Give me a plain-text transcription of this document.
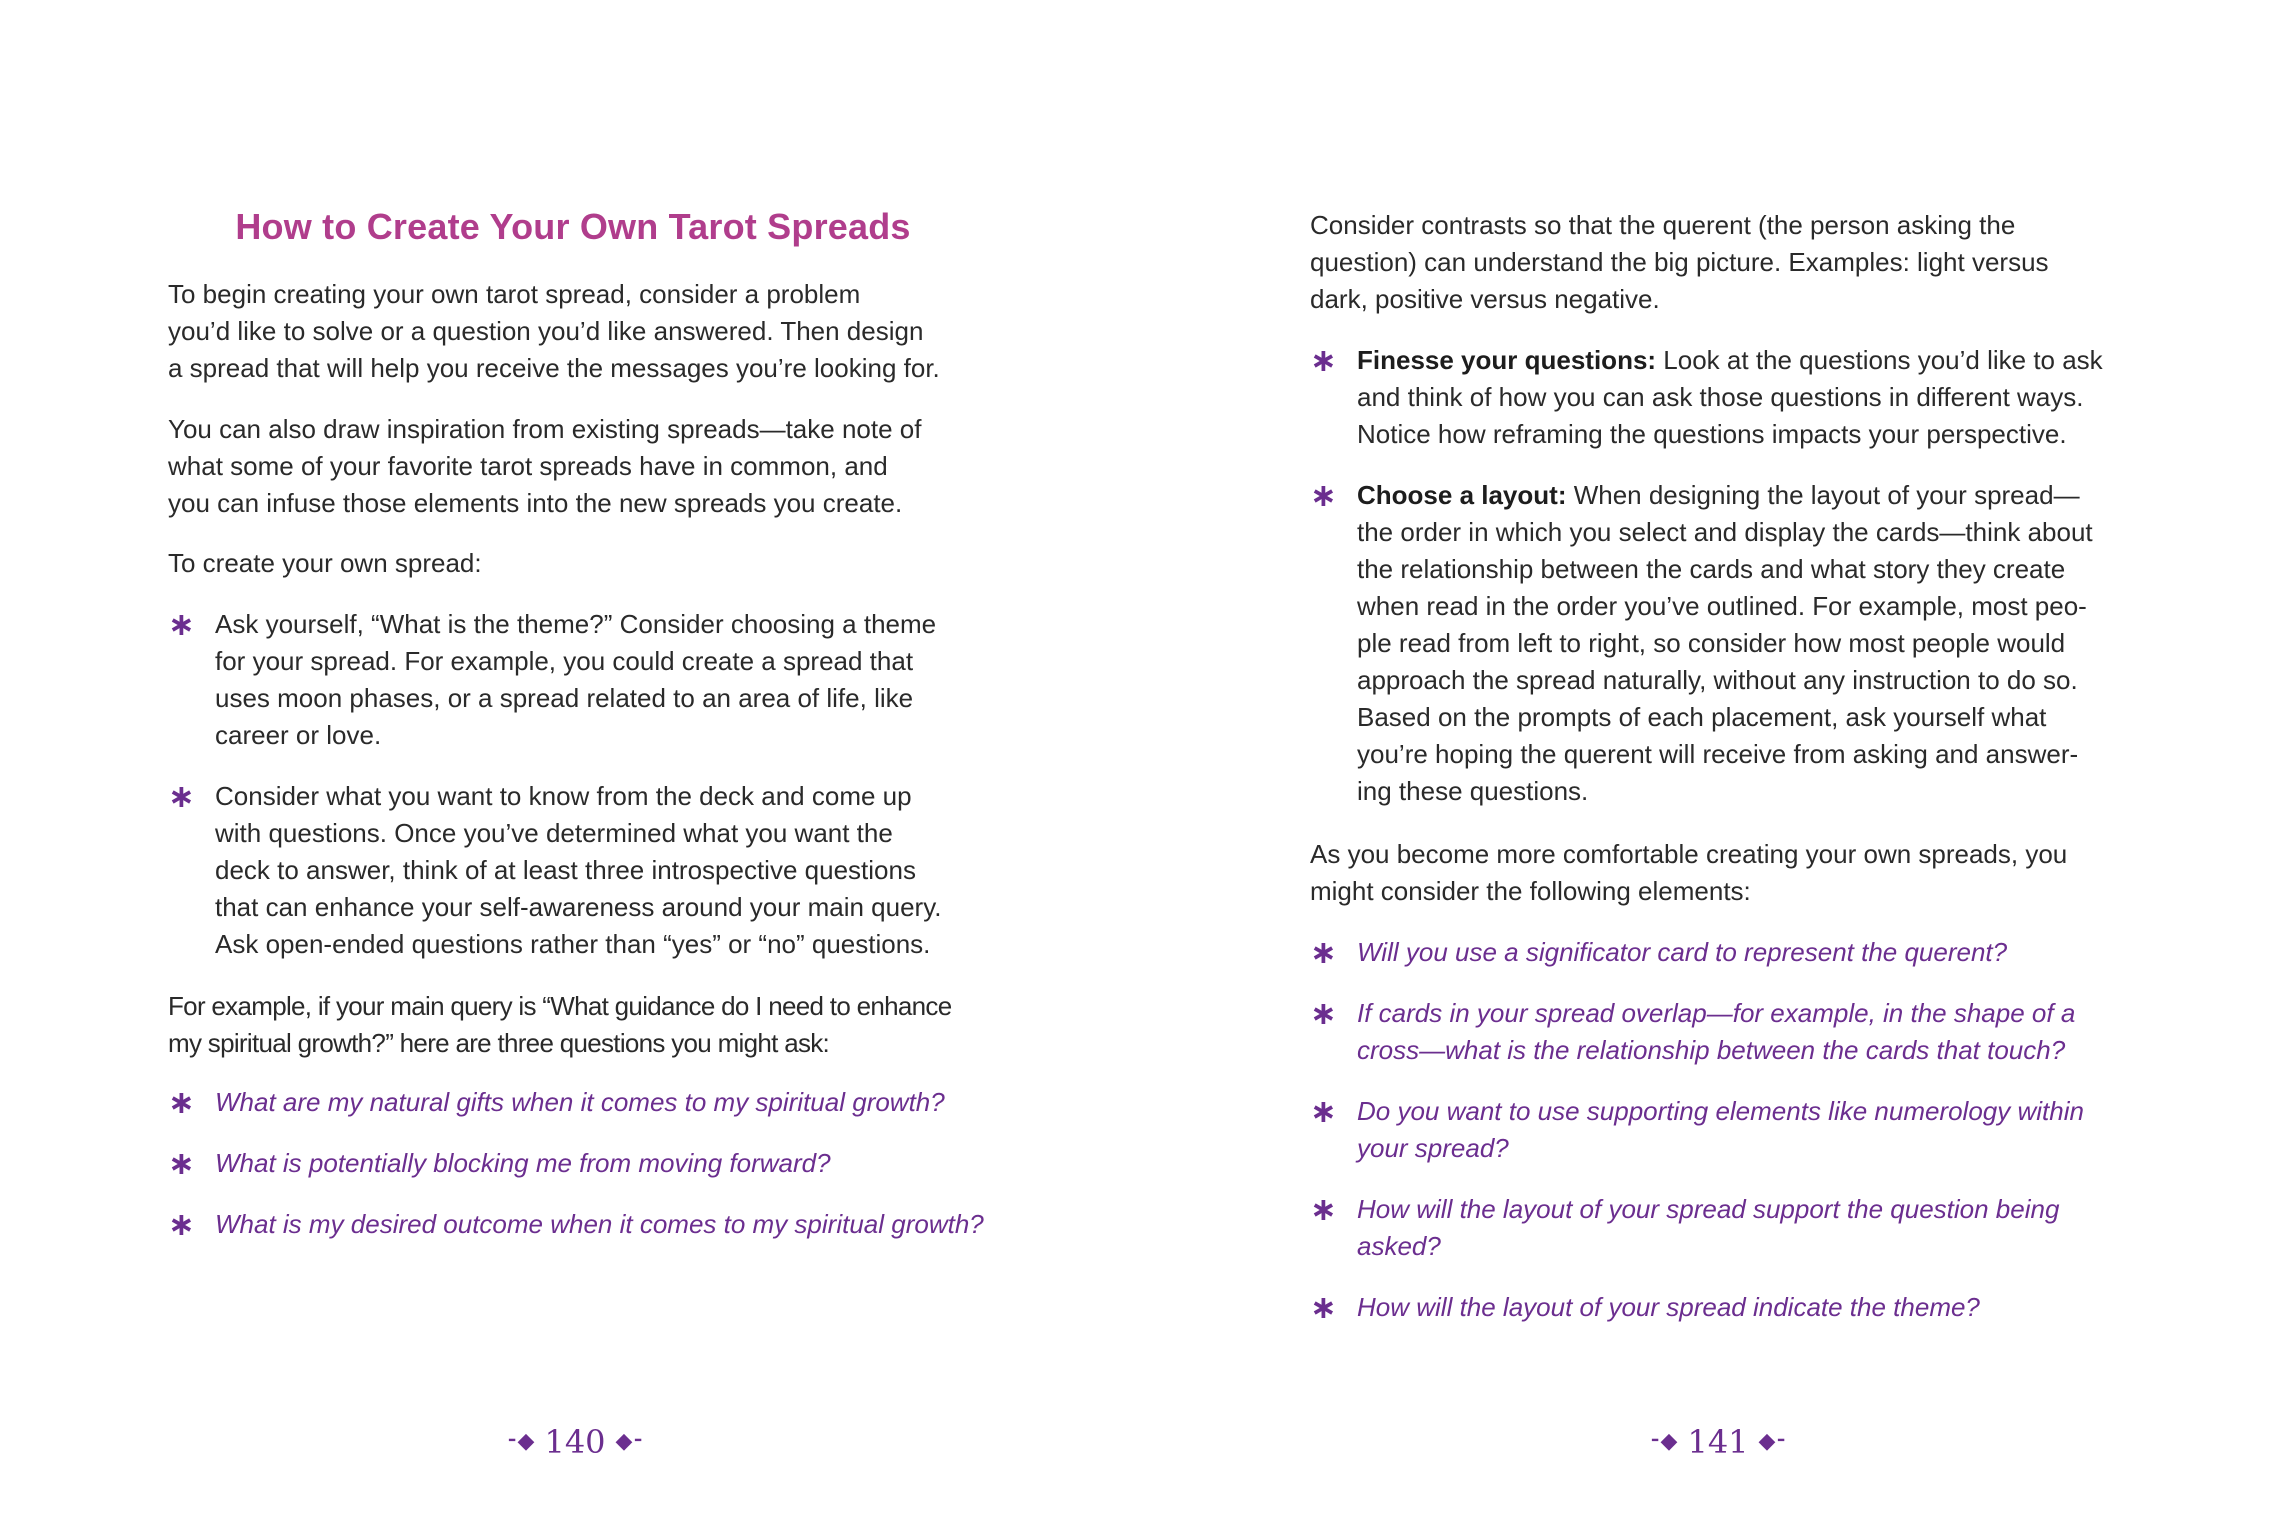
How to Create Your Own Tarot Spreads
To begin creating your own tarot spread, consider a problem
you’d like to solve or a question you’d like answered. Then design
a spread that will help you receive the messages you’re looking for.
You can also draw inspiration from existing spreads—take note of
what some of your favorite tarot spreads have in common, and
you can infuse those elements into the new spreads you create.
To create your own spread:
∗ Ask yourself, “What is the theme?” Consider choosing a theme
for your spread. For example, you could create a spread that
uses moon phases, or a spread related to an area of life, like
career or love.
∗ Consider what you want to know from the deck and come up
with questions. Once you’ve determined what you want the
deck to answer, think of at least three introspective questions
that can enhance your self-awareness around your main query.
Ask open-ended questions rather than “yes” or “no” questions.
For example, if your main query is “What guidance do I need to enhance
my spiritual growth?” here are three questions you might ask:
∗ What are my natural gifts when it comes to my spiritual growth?
∗ What is potentially blocking me from moving forward?
∗ What is my desired outcome when it comes to my spiritual growth?
⁃◆ 140 ◆⁃
Consider contrasts so that the querent (the person asking the
question) can understand the big picture. Examples: light versus
dark, positive versus negative.
∗ Finesse your questions: Look at the questions you’d like to ask
and think of how you can ask those questions in different ways.
Notice how reframing the questions impacts your perspective.
∗ Choose a layout: When designing the layout of your spread—
the order in which you select and display the cards—think about
the relationship between the cards and what story they create
when read in the order you’ve outlined. For example, most peo-
ple read from left to right, so consider how most people would
approach the spread naturally, without any instruction to do so.
Based on the prompts of each placement, ask yourself what
you’re hoping the querent will receive from asking and answer-
ing these questions.
As you become more comfortable creating your own spreads, you
might consider the following elements:
∗ Will you use a significator card to represent the querent?
∗ If cards in your spread overlap—for example, in the shape of a
cross—what is the relationship between the cards that touch?
∗ Do you want to use supporting elements like numerology within
your spread?
∗ How will the layout of your spread support the question being
asked?
∗ How will the layout of your spread indicate the theme?
⁃◆ 141 ◆⁃
